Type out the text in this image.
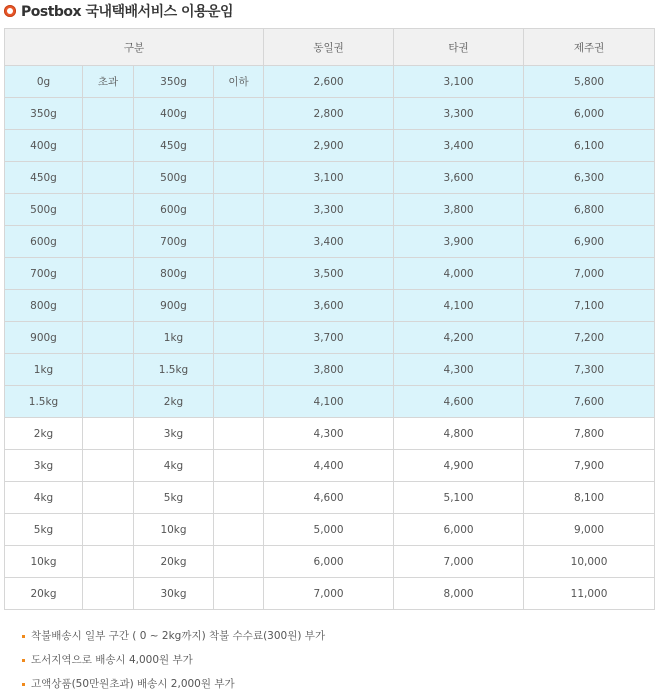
Postbox 국내택배서비스 이용운임
구분				동일권	타권	제주권
0g	초과	350g	이하	2,600	3,100	5,800
350g		400g		2,800	3,300	6,000
400g		450g		2,900	3,400	6,100
450g		500g		3,100	3,600	6,300
500g		600g		3,300	3,800	6,800
600g		700g		3,400	3,900	6,900
700g		800g		3,500	4,000	7,000
800g		900g		3,600	4,100	7,100
900g		1kg		3,700	4,200	7,200
1kg		1.5kg		3,800	4,300	7,300
1.5kg		2kg		4,100	4,600	7,600
2kg		3kg		4,300	4,800	7,800
3kg		4kg		4,400	4,900	7,900
4kg		5kg		4,600	5,100	8,100
5kg		10kg		5,000	6,000	9,000
10kg		20kg		6,000	7,000	10,000
20kg		30kg		7,000	8,000	11,000
착불배송시 일부 구간 ( 0 ~ 2kg까지) 착불 수수료(300원) 부가
도서지역으로 배송시 4,000원 부가
고액상품(50만원초과) 배송시 2,000원 부가
